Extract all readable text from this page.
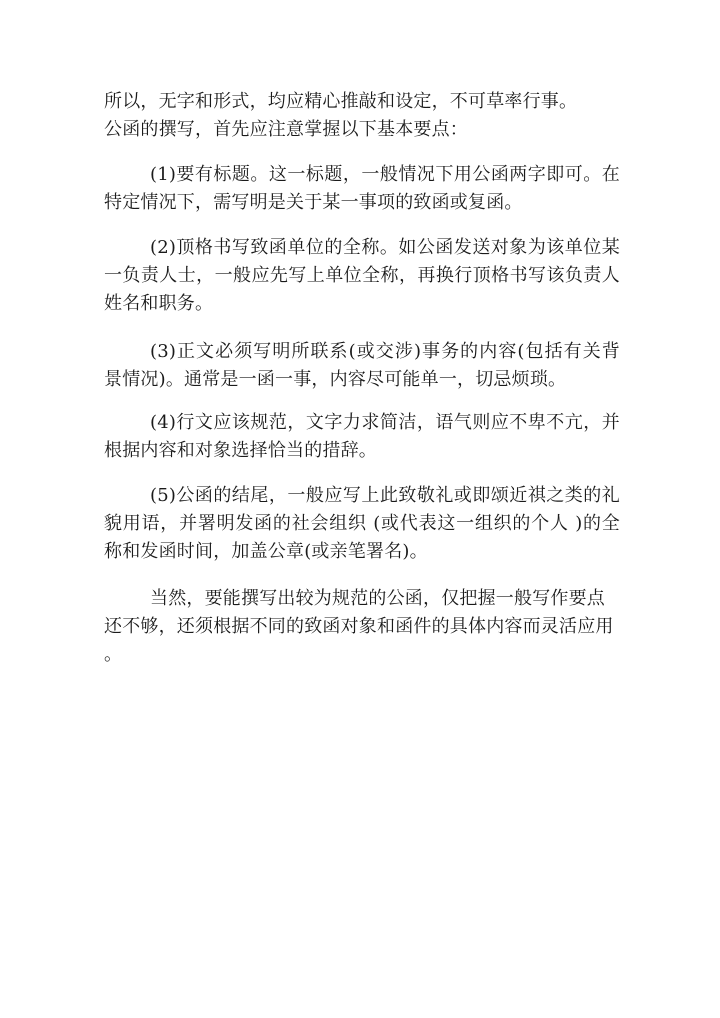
所以，无字和形式，均应精心推敲和设定，不可草率行事。
公函的撰写，首先应注意掌握以下基本要点：
(1)要有标题。这一标题，一般情况下用公函两字即可。在
特定情况下，需写明是关于某一事项的致函或复函。
(2)顶格书写致函单位的全称。如公函发送对象为该单位某
一负责人士，一般应先写上单位全称，再换行顶格书写该负责人
姓名和职务。
(3)正文必须写明所联系(或交涉)事务的内容(包括有关背
景情况)。通常是一函一事，内容尽可能单一，切忌烦琐。
(4)行文应该规范，文字力求简洁，语气则应不卑不亢，并
根据内容和对象选择恰当的措辞。
(5)公函的结尾，一般应写上此致敬礼或即颂近祺之类的礼
貌用语，并署明发函的社会组织 (或代表这一组织的个人 )的全
称和发函时间，加盖公章(或亲笔署名)。
当然，要能撰写出较为规范的公函，仅把握一般写作要点
还不够，还须根据不同的致函对象和函件的具体内容而灵活应用
。
